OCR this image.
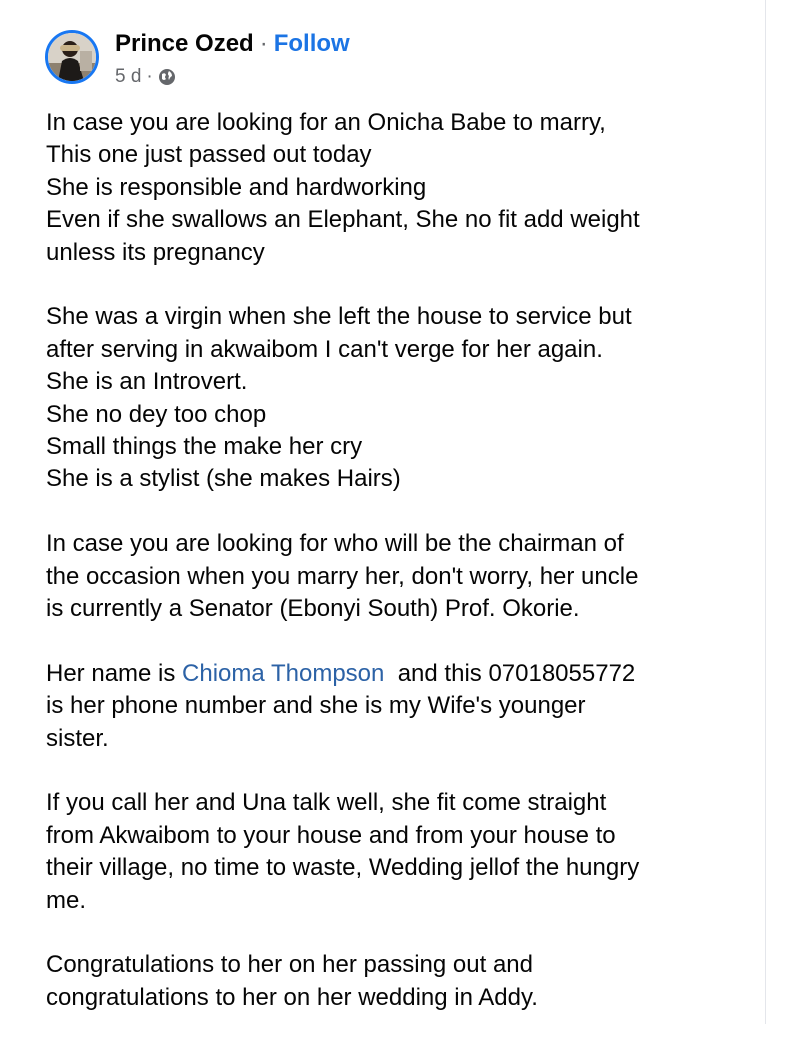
Prince Ozed · Follow
5 d ·
In case you are looking for an Onicha Babe to marry,
This one just passed out today
She is responsible and hardworking
Even if she swallows an Elephant, She no fit add weight
unless its pregnancy
She was a virgin when she left the house to service but
after serving in akwaibom I can't verge for her again.
She is an Introvert.
She no dey too chop
Small things the make her cry
She is a stylist (she makes Hairs)
In case you are looking for who will be the chairman of
the occasion when you marry her, don't worry, her uncle
is currently a Senator (Ebonyi South) Prof. Okorie.
Her name is Chioma Thompson  and this 07018055772
is her phone number and she is my Wife's younger
sister.
If you call her and Una talk well, she fit come straight
from Akwaibom to your house and from your house to
their village, no time to waste, Wedding jellof the hungry
me.
Congratulations to her on her passing out and
congratulations to her on her wedding in Addy.
